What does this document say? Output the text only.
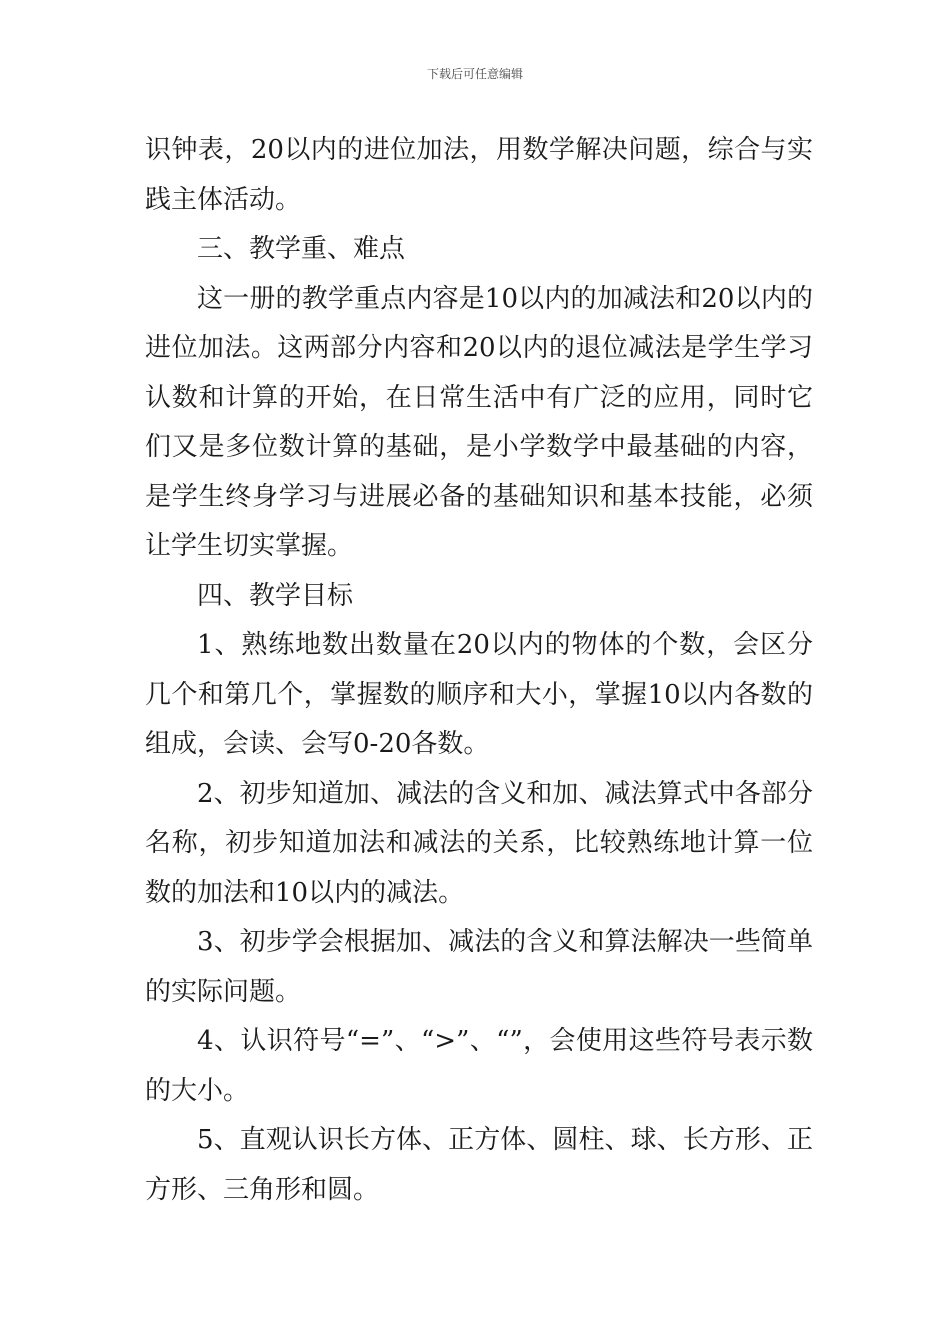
下载后可任意编辑

识钟表，20以内的进位加法，用数学解决问题，综合与实践主体活动。

三、教学重、难点

这一册的教学重点内容是10以内的加减法和20以内的进位加法。这两部分内容和20以内的退位减法是学生学习认数和计算的开始，在日常生活中有广泛的应用，同时它们又是多位数计算的基础，是小学数学中最基础的内容，是学生终身学习与进展必备的基础知识和基本技能，必须让学生切实掌握。

四、教学目标

1、熟练地数出数量在20以内的物体的个数，会区分几个和第几个，掌握数的顺序和大小，掌握10以内各数的组成，会读、会写0-20各数。

2、初步知道加、减法的含义和加、减法算式中各部分名称，初步知道加法和减法的关系，比较熟练地计算一位数的加法和10以内的减法。

3、初步学会根据加、减法的含义和算法解决一些简单的实际问题。

4、认识符号“=”、“>”、“”，会使用这些符号表示数的大小。

5、直观认识长方体、正方体、圆柱、球、长方形、正方形、三角形和圆。
